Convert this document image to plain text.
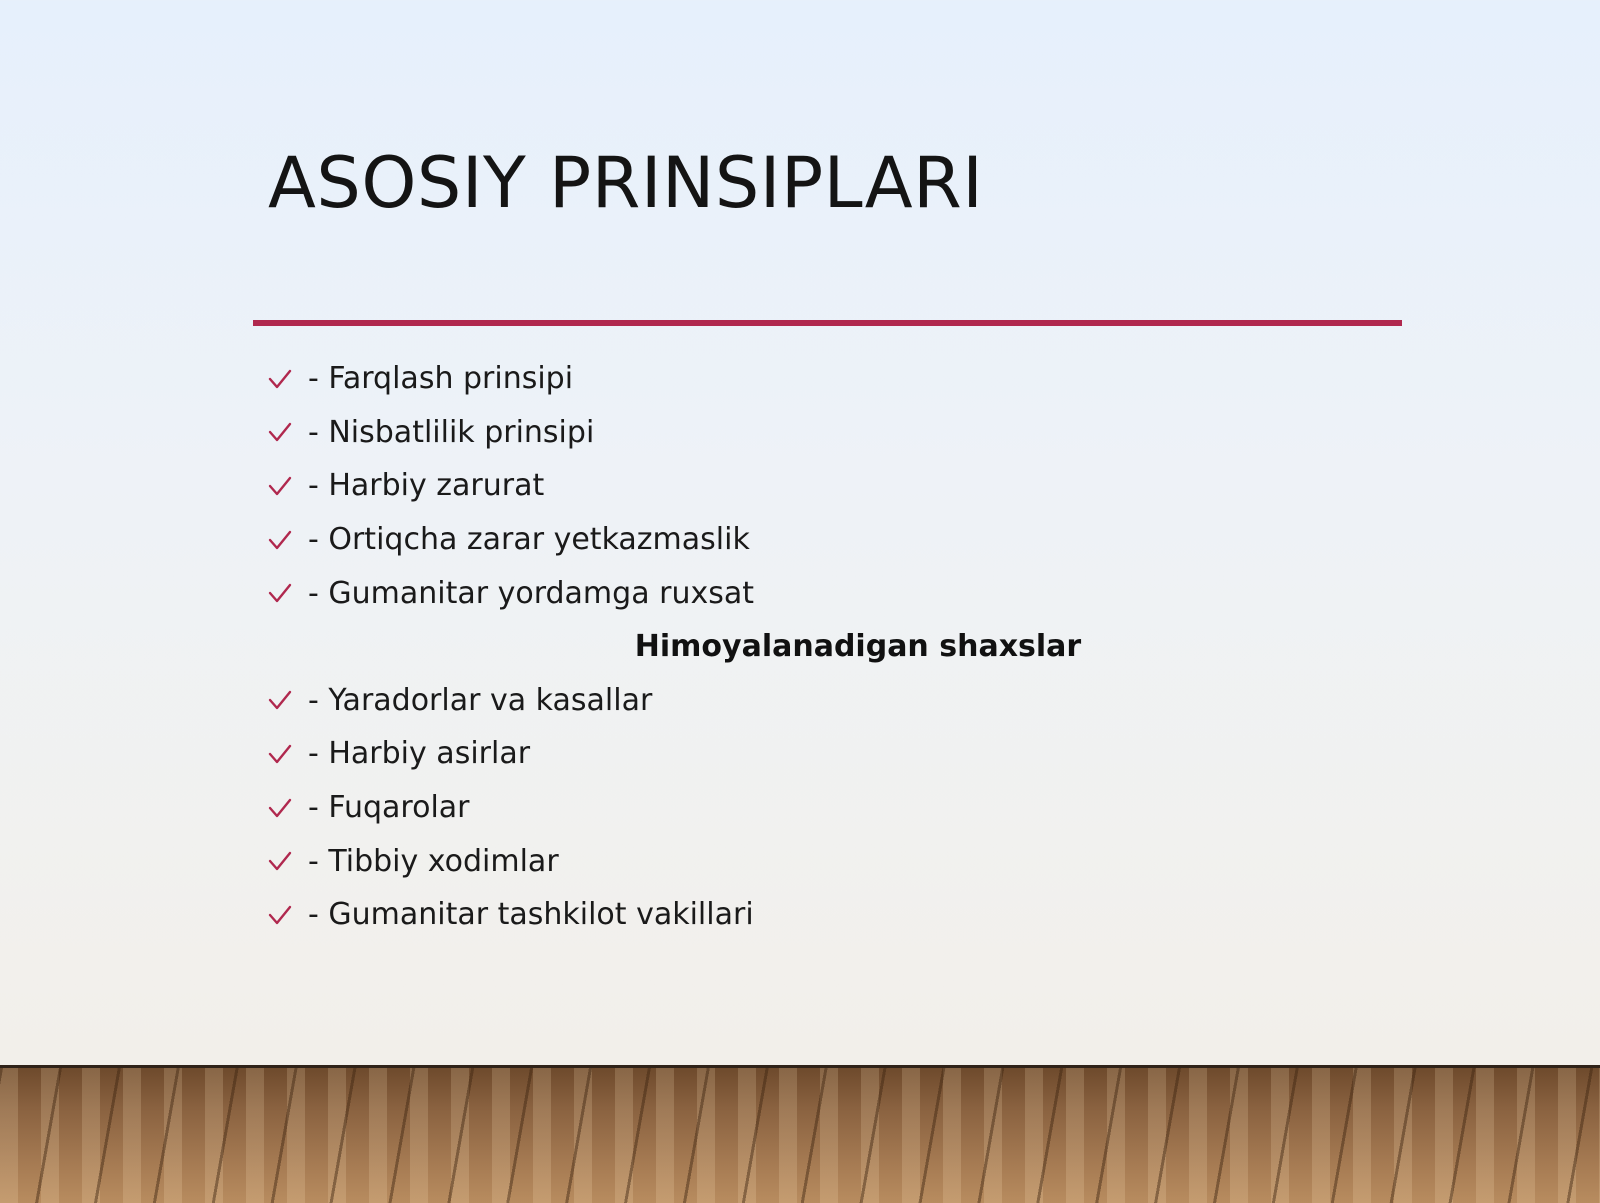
ASOSIY PRINSIPLARI
- Farqlash prinsipi
- Nisbatlilik prinsipi
- Harbiy zarurat
- Ortiqcha zarar yetkazmaslik
- Gumanitar yordamga ruxsat
Himoyalanadigan shaxslar
- Yaradorlar va kasallar
- Harbiy asirlar
- Fuqarolar
- Tibbiy xodimlar
- Gumanitar tashkilot vakillari
